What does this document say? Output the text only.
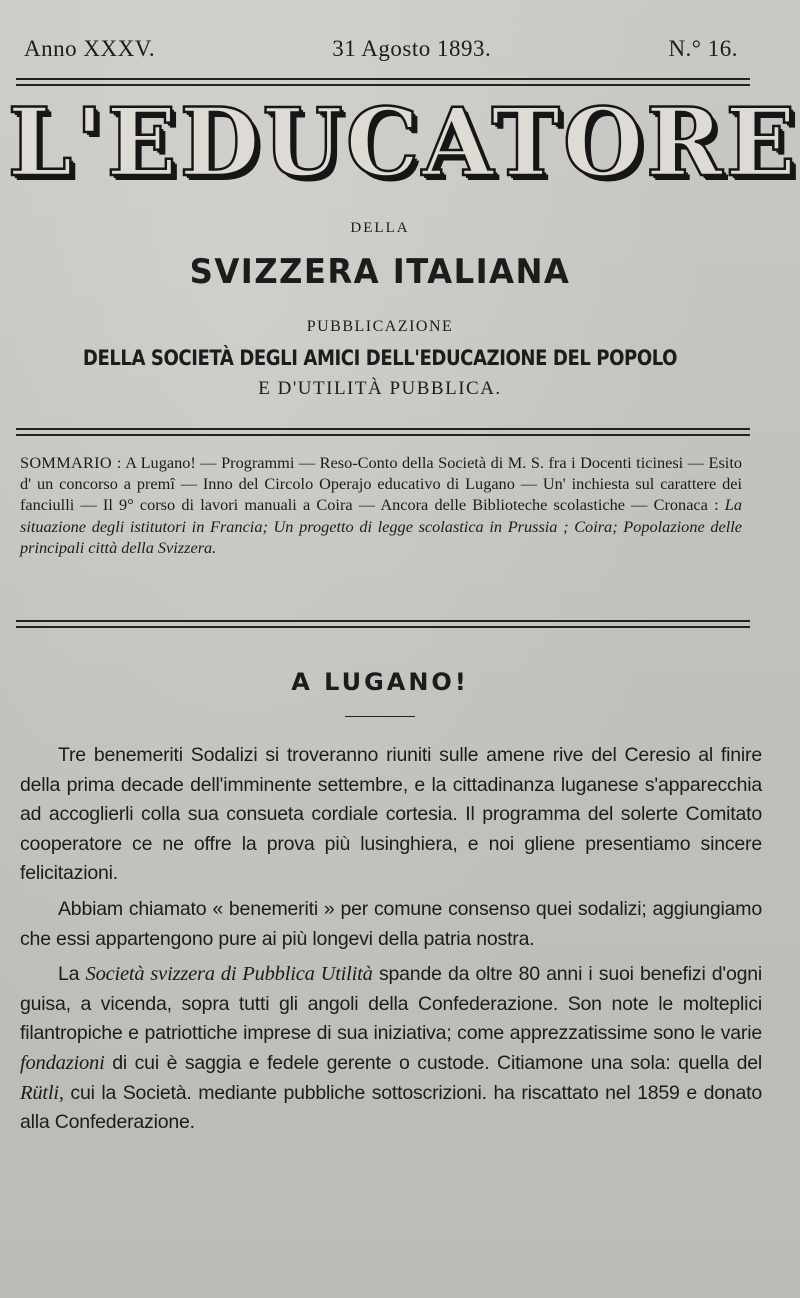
Anno XXXV.	31 Agosto 1893.	N.° 16.
L'EDUCATORE
DELLA
SVIZZERA ITALIANA
PUBBLICAZIONE
DELLA SOCIETÀ DEGLI AMICI DELL'EDUCAZIONE DEL POPOLO
E D'UTILITÀ PUBBLICA.
SOMMARIO : A Lugano! — Programmi — Reso-Conto della Società di M. S. fra i Docenti ticinesi — Esito d' un concorso a premî — Inno del Circolo Operajo educativo di Lugano — Un' inchiesta sul carattere dei fanciulli — Il 9° corso di lavori manuali a Coira — Ancora delle Biblioteche scolastiche — Cronaca : La situazione degli istitutori in Francia; Un progetto di legge scolastica in Prussia ; Coira; Popolazione delle principali città della Svizzera.
A LUGANO!

Tre benemeriti Sodalizi si troveranno riuniti sulle amene rive del Ceresio al finire della prima decade dell'imminente settembre, e la cittadinanza luganese s'apparecchia ad accoglierli colla sua consueta cordiale cortesia. Il programma del solerte Comitato cooperatore ce ne offre la prova più lusinghiera, e noi gliene presentiamo sincere felicitazioni.

Abbiam chiamato « benemeriti » per comune consenso quei sodalizi; aggiungiamo che essi appartengono pure ai più longevi della patria nostra.

La Società svizzera di Pubblica Utilità spande da oltre 80 anni i suoi benefizi d'ogni guisa, a vicenda, sopra tutti gli angoli della Confederazione. Son note le molteplici filantropiche e patriottiche imprese di sua iniziativa; come apprezzatissime sono le varie fondazioni di cui è saggia e fedele gerente o custode. Citiamone una sola: quella del Rütli, cui la Società. mediante pubbliche sottoscrizioni. ha riscattato nel 1859 e donato alla Confederazione.
